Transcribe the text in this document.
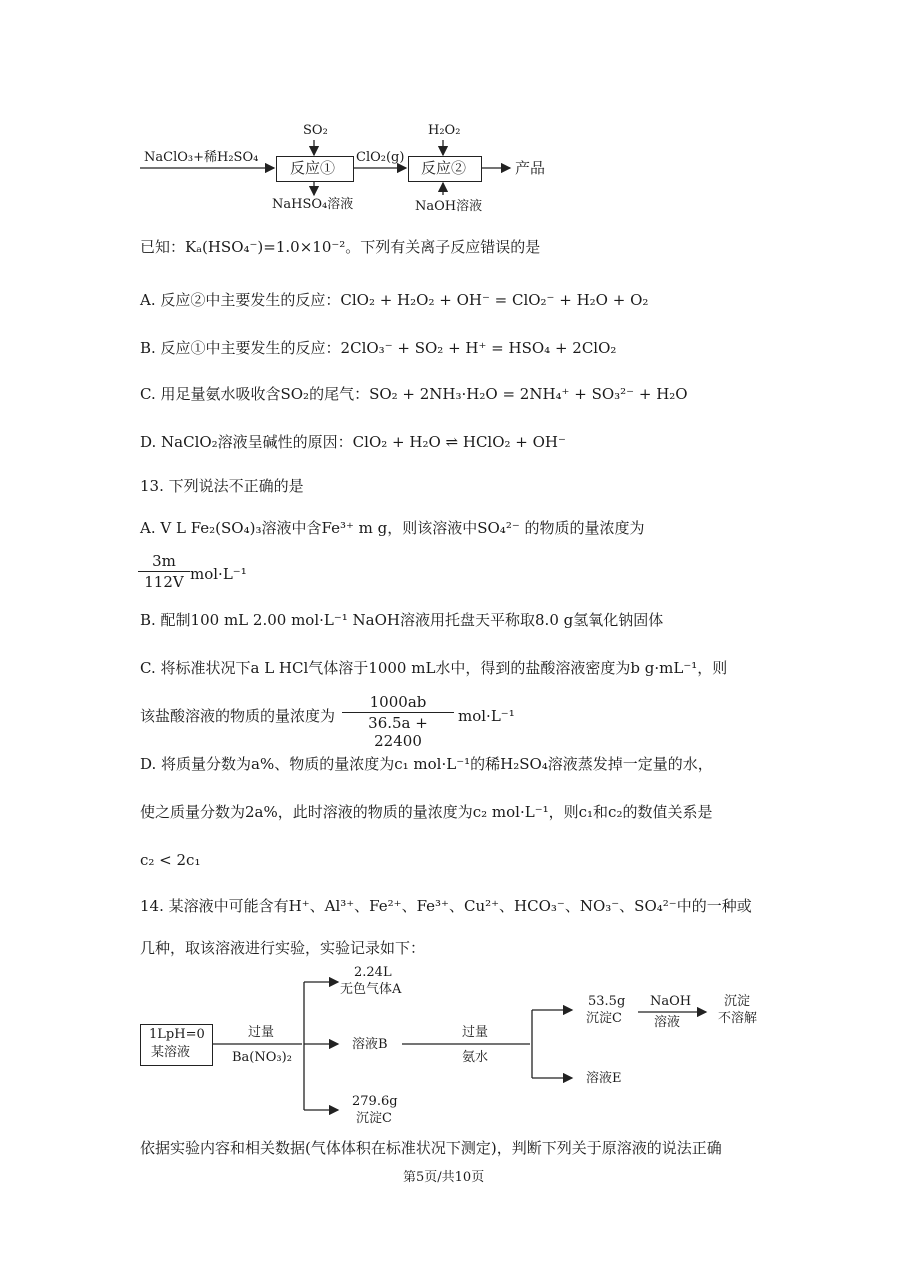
NaClO₃+稀H₂SO₄
SO₂
反应①
ClO₂(g)
H₂O₂
反应②	产品
NaHSO₄溶液	NaOH溶液
已知：Kₐ(HSO₄⁻)=1.0×10⁻²。下列有关离子反应错误的是
A. 反应②中主要发生的反应：ClO₂ + H₂O₂ + OH⁻ = ClO₂⁻ + H₂O + O₂
B. 反应①中主要发生的反应：2ClO₃⁻ + SO₂ + H⁺ = HSO₄ + 2ClO₂
C. 用足量氨水吸收含SO₂的尾气：SO₂ + 2NH₃·H₂O = 2NH₄⁺ + SO₃²⁻ + H₂O
D. NaClO₂溶液呈碱性的原因：ClO₂ + H₂O ⇌ HClO₂ + OH⁻
13. 下列说法不正确的是
A. V L Fe₂(SO₄)₃溶液中含Fe³⁺ m g，则该溶液中SO₄²⁻ 的物质的量浓度为
$\frac{3m}{112V} mol\cdot L^{-1}$
B. 配制100 mL 2.00 mol·L⁻¹ NaOH溶液用托盘天平称取8.0 g氢氧化钠固体
C. 将标准状况下a L HCl气体溶于1000 mL水中，得到的盐酸溶液密度为b g·mL⁻¹，则
该盐酸溶液的物质的量浓度为 $\frac{1000ab}{36.5a + 22400} mol\cdot L^{-1}$
D. 将质量分数为a%、物质的量浓度为c₁ mol·L⁻¹的稀H₂SO₄溶液蒸发掉一定量的水，
使之质量分数为2a%，此时溶液的物质的量浓度为c₂ mol·L⁻¹，则c₁和c₂的数值关系是
c₂ < 2c₁
14. 某溶液中可能含有H⁺、Al³⁺、Fe²⁺、Fe³⁺、Cu²⁺、HCO₃⁻、NO₃⁻、SO₄²⁻中的一种或
几种，取该溶液进行实验，实验记录如下：
1LpH=0
某溶液
过量
Ba(NO₃)₂
2.24L
无色气体A
溶液B
279.6g
沉淀C
过量
氨水
53.5g
沉淀C
NaOH
溶液
沉淀
不溶解
溶液E
依据实验内容和相关数据(气体体积在标准状况下测定)，判断下列关于原溶液的说法正确
第5页/共10页
